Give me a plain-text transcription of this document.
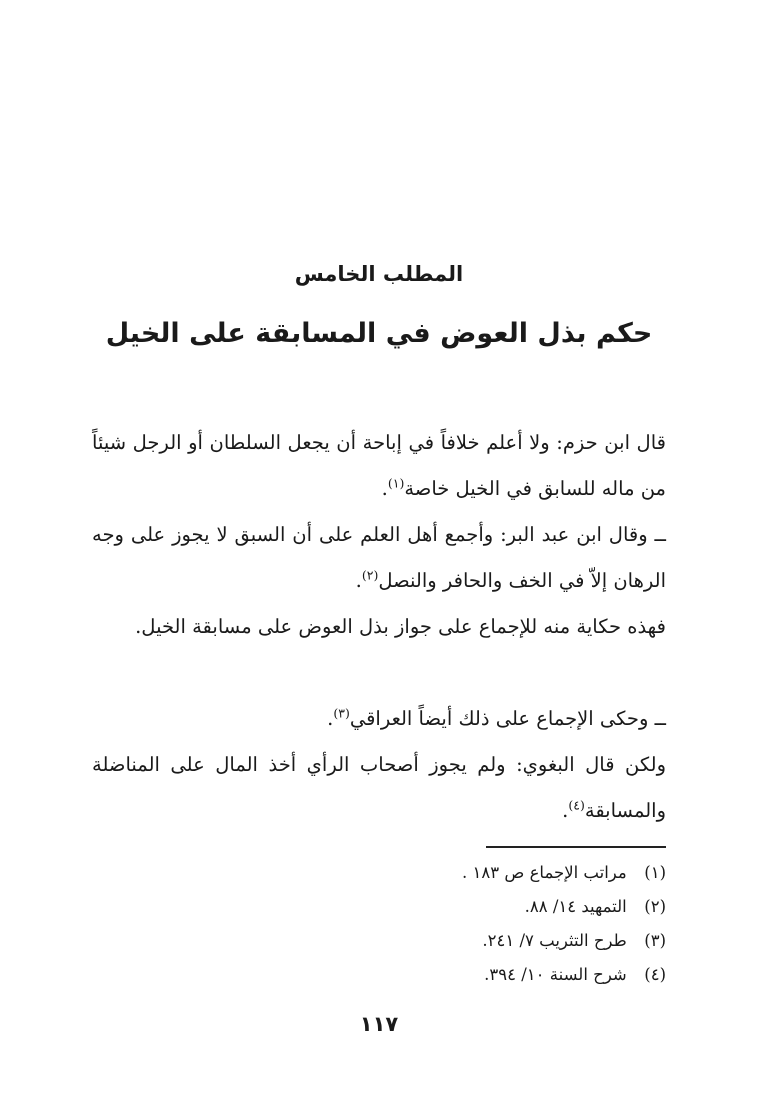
المطلب الخامس
حكم بذل العوض في المسابقة على الخيل

قال ابن حزم: ولا أعلم خلافاً في إباحة أن يجعل السلطان أو الرجل شيئاً من ماله للسابق في الخيل خاصة$^{(١)}$.

ــ وقال ابن عبد البر: وأجمع أهل العلم على أن السبق لا يجوز على وجه الرهان إلاّ في الخف والحافر والنصل$^{(٢)}$.

فهذه حكاية منه للإجماع على جواز بذل العوض على مسابقة الخيل.

ــ وحكى الإجماع على ذلك أيضاً العراقي$^{(٣)}$.

ولكن قال البغوي: ولم يجوز أصحاب الرأي أخذ المال على المناضلة والمسابقة$^{(٤)}$.

(١) مراتب الإجماع ص ١٨٣ .
(٢) التمهيد ١٤/ ٨٨.
(٣) طرح التثريب ٧/ ٢٤١.
(٤) شرح السنة ١٠/ ٣٩٤.

١١٧
